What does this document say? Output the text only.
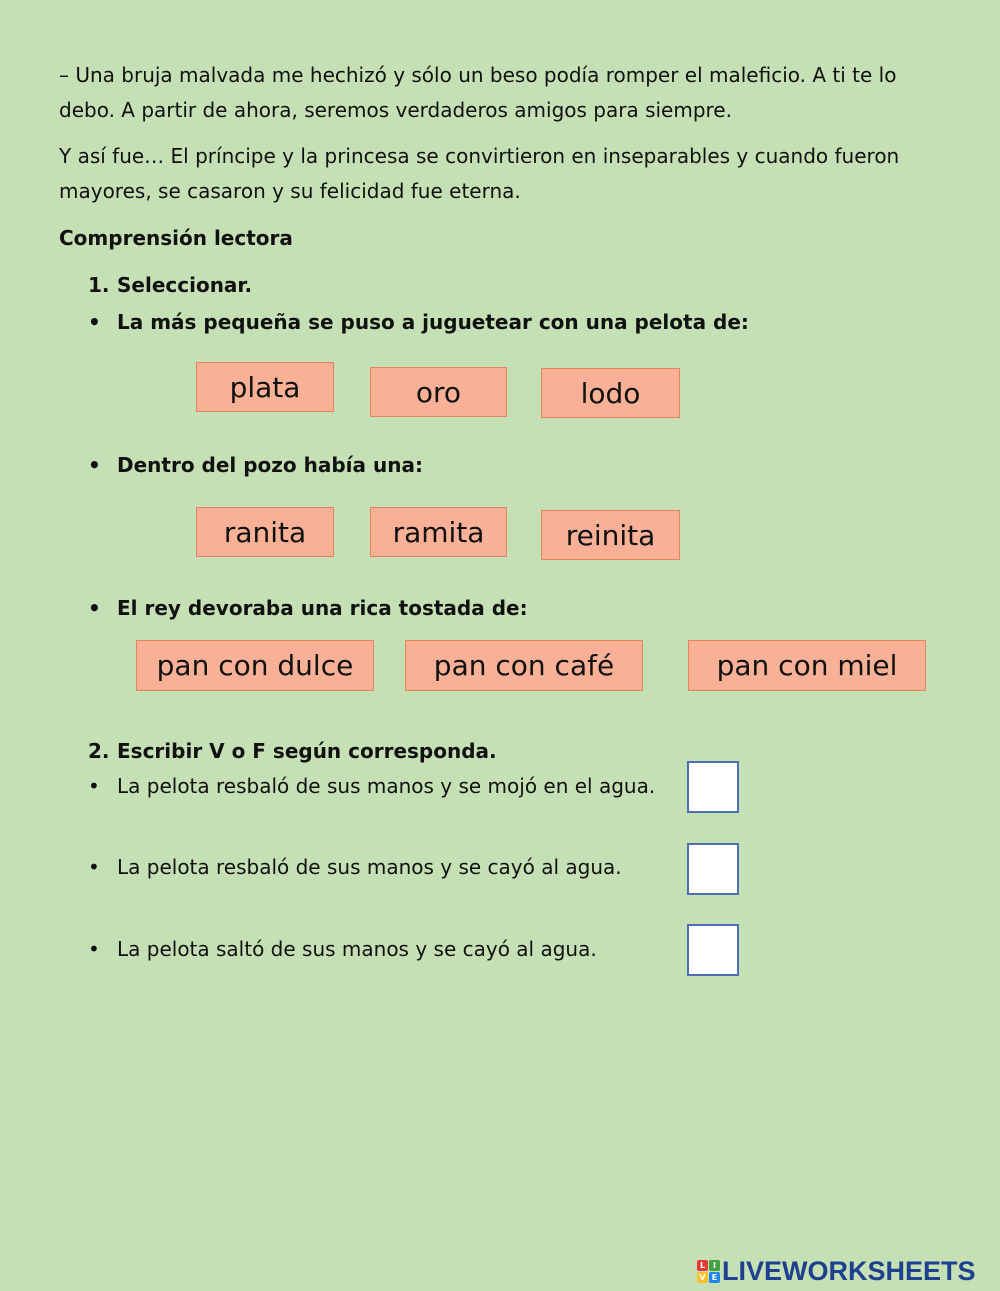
– Una bruja malvada me hechizó y sólo un beso podía romper el maleficio. A ti te lo debo. A partir de ahora, seremos verdaderos amigos para siempre.

Y así fue… El príncipe y la princesa se convirtieron en inseparables y cuando fueron mayores, se casaron y su felicidad fue eterna.

Comprensión lectora

1. Seleccionar.

• La más pequeña se puso a juguetear con una pelota de:

plata	oro	lodo

• Dentro del pozo había una:

ranita	ramita	reinita

• El rey devoraba una rica tostada de:

pan con dulce	pan con café	pan con miel

2. Escribir V o F según corresponda.

• La pelota resbaló de sus manos y se mojó en el agua.

• La pelota resbaló de sus manos y se cayó al agua.

• La pelota saltó de sus manos y se cayó al agua.

L I
V E LIVEWORKSHEETS
